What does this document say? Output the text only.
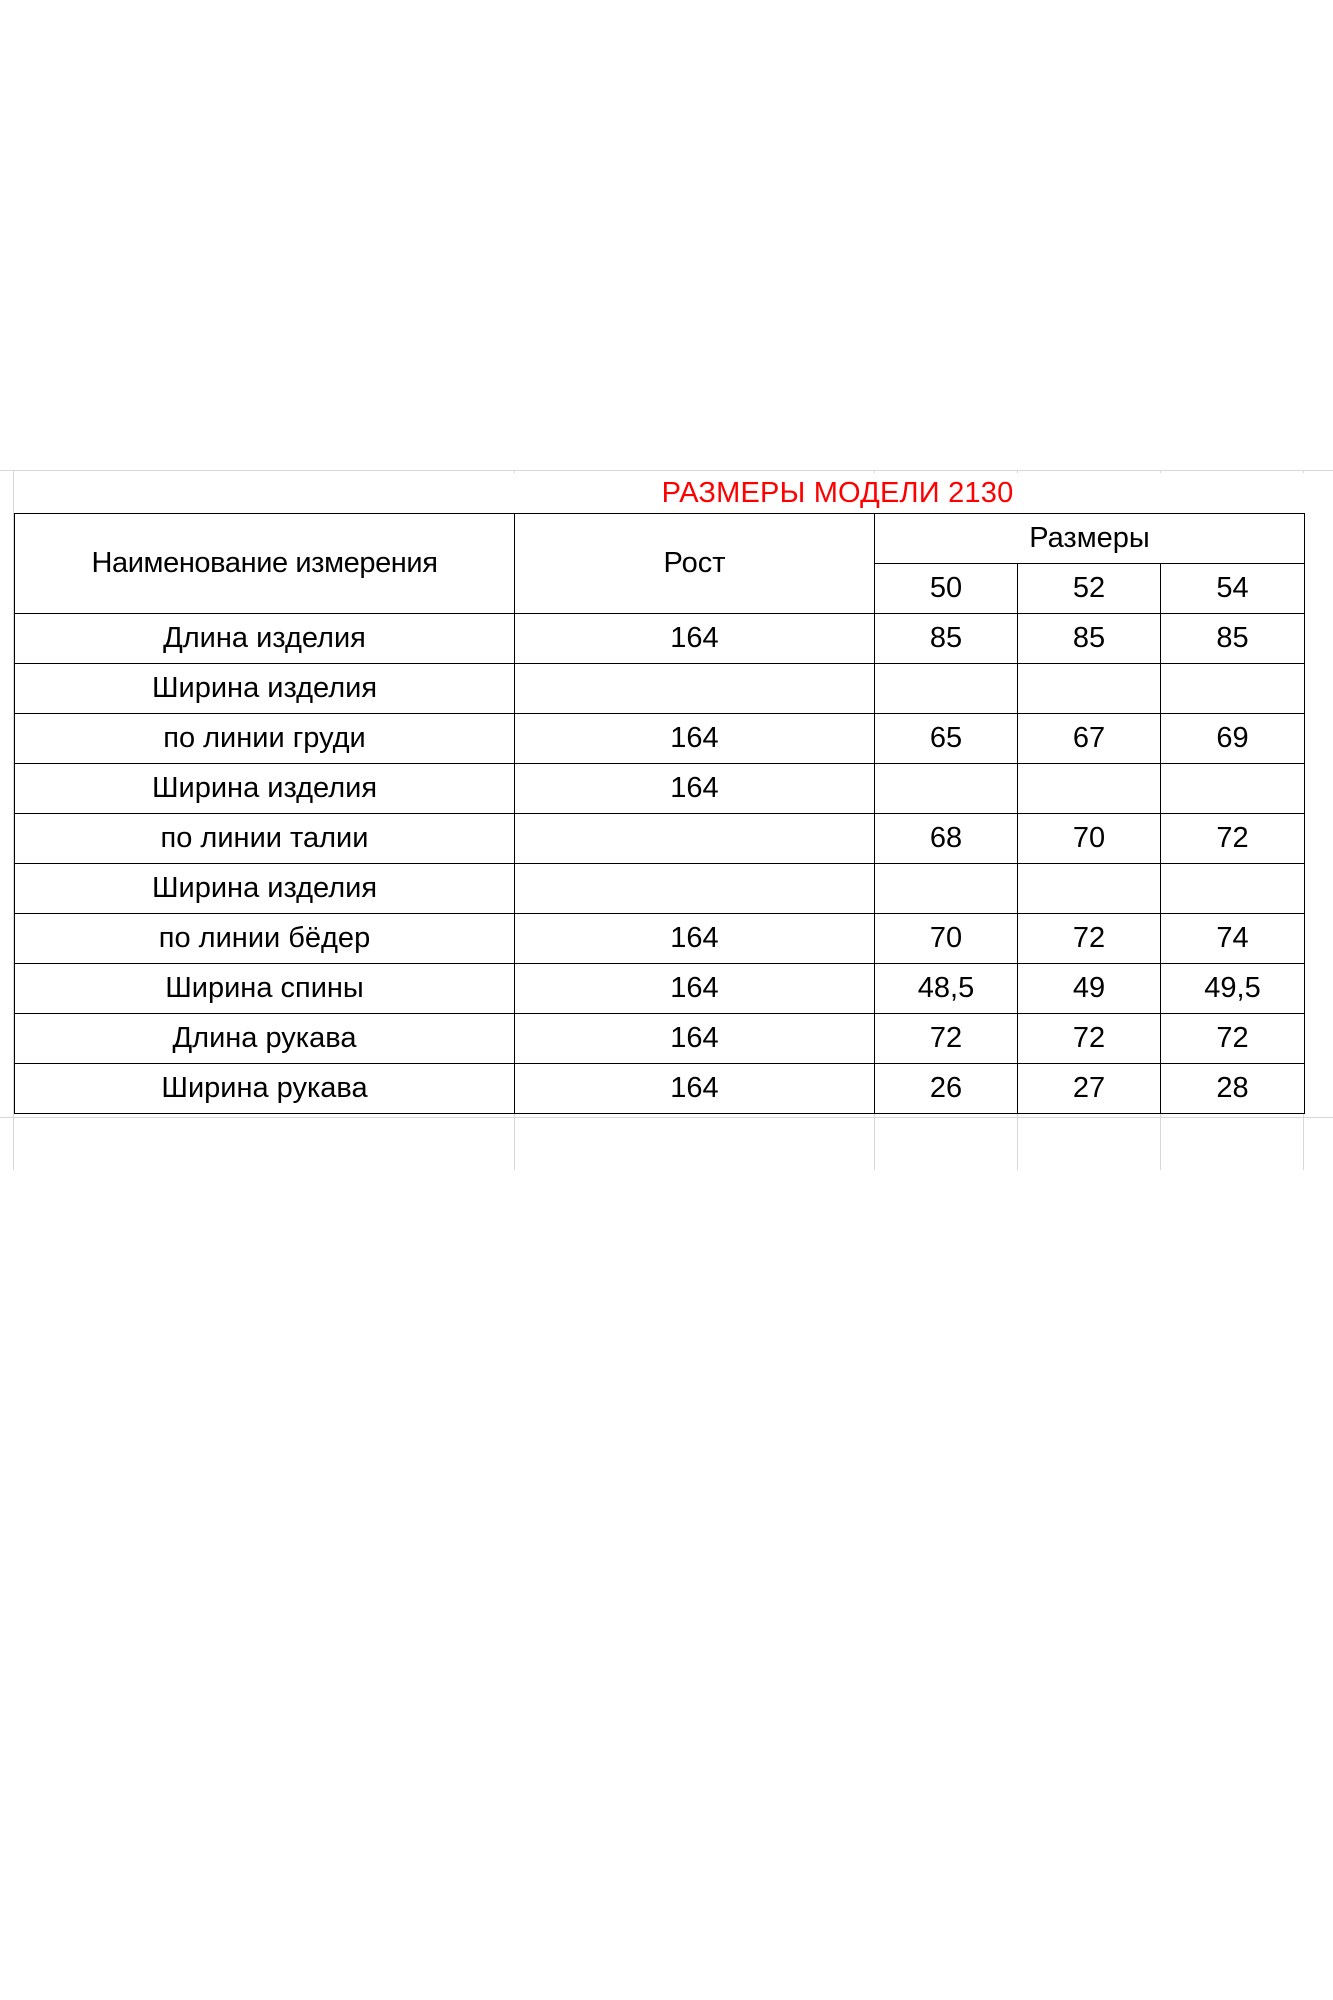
	РАЗМЕРЫ МОДЕЛИ 2130			
Наименование измерения	Рост	Размеры		
		50	52	54
Длина изделия	164	85	85	85
Ширина изделия				
по линии груди	164	65	67	69
Ширина изделия	164			
по линии талии		68	70	72
Ширина изделия				
по линии бёдер	164	70	72	74
Ширина спины	164	48,5	49	49,5
Длина рукава	164	72	72	72
Ширина рукава	164	26	27	28
